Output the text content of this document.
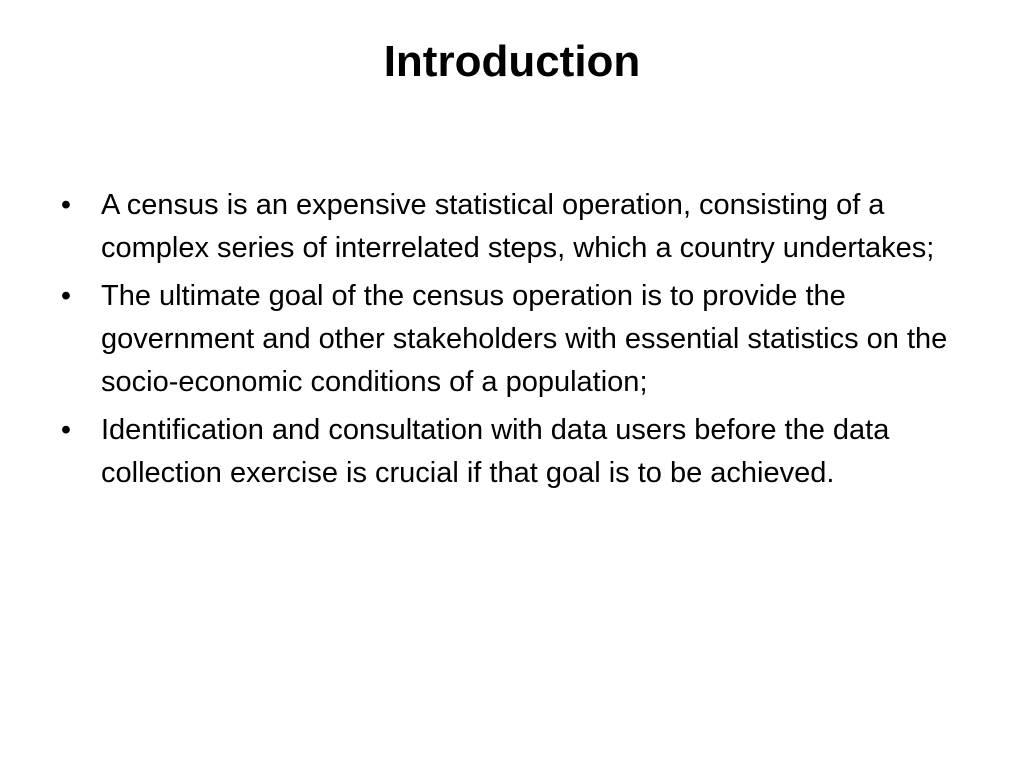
Introduction
• A census is an expensive statistical operation, consisting of a complex series of interrelated steps, which a country undertakes;
• The ultimate goal of the census operation is to provide the government and other stakeholders with essential statistics on the socio-economic conditions of a population;
• Identification and consultation with data users before the data collection exercise is crucial if that goal is to be achieved.
